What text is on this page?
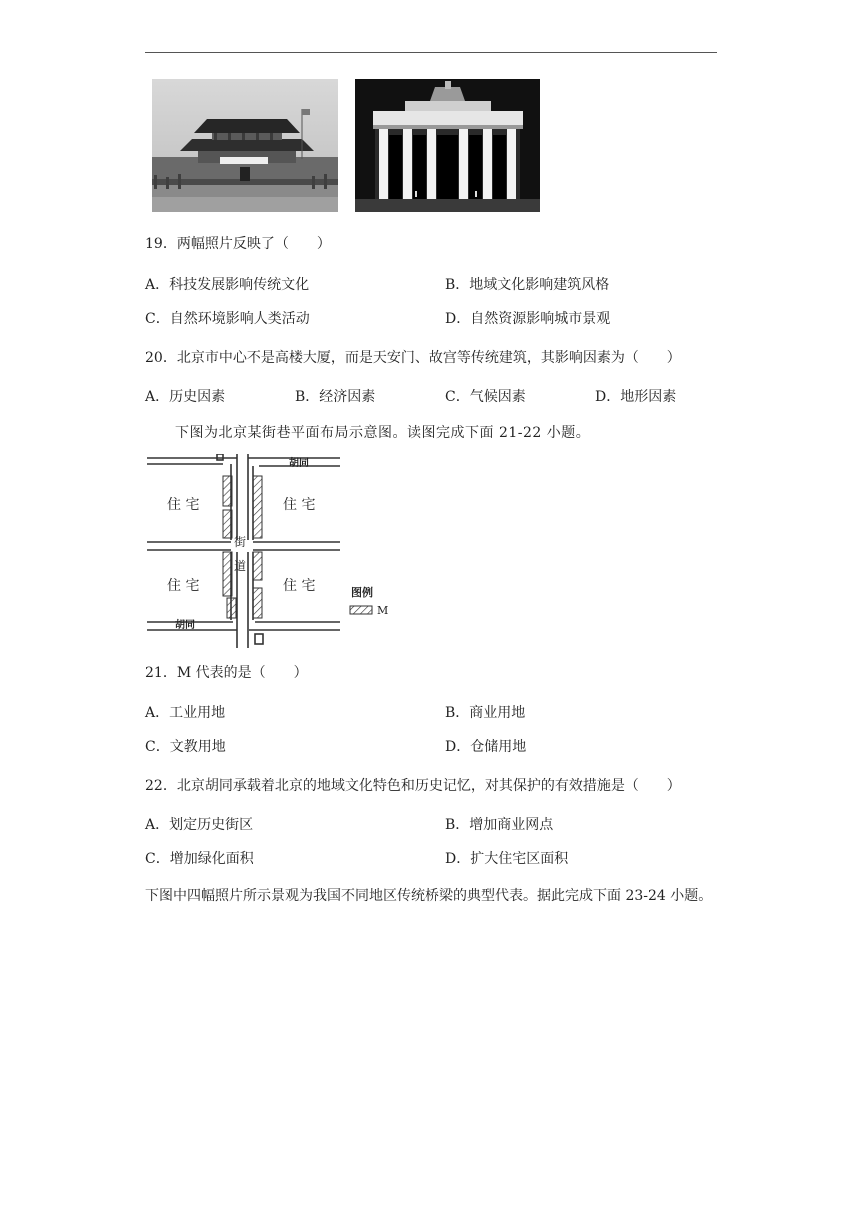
19．两幅照片反映了（　　）
A．科技发展影响传统文化	B．地域文化影响建筑风格
C．自然环境影响人类活动	D．自然资源影响城市景观
20．北京市中心不是高楼大厦，而是天安门、故宫等传统建筑，其影响因素为（　　）
A．历史因素	B．经济因素	C．气候因素	D．地形因素
下图为北京某街巷平面布局示意图。读图完成下面 21-22 小题。
住 宅	住 宅
住 宅	住 宅
街
道
胡同
胡同
图例
M
21．M 代表的是（　　）
A．工业用地	B．商业用地
C．文教用地	D．仓储用地
22．北京胡同承载着北京的地域文化特色和历史记忆，对其保护的有效措施是（　　）
A．划定历史街区	B．增加商业网点
C．增加绿化面积	D．扩大住宅区面积
下图中四幅照片所示景观为我国不同地区传统桥梁的典型代表。据此完成下面 23-24 小题。
